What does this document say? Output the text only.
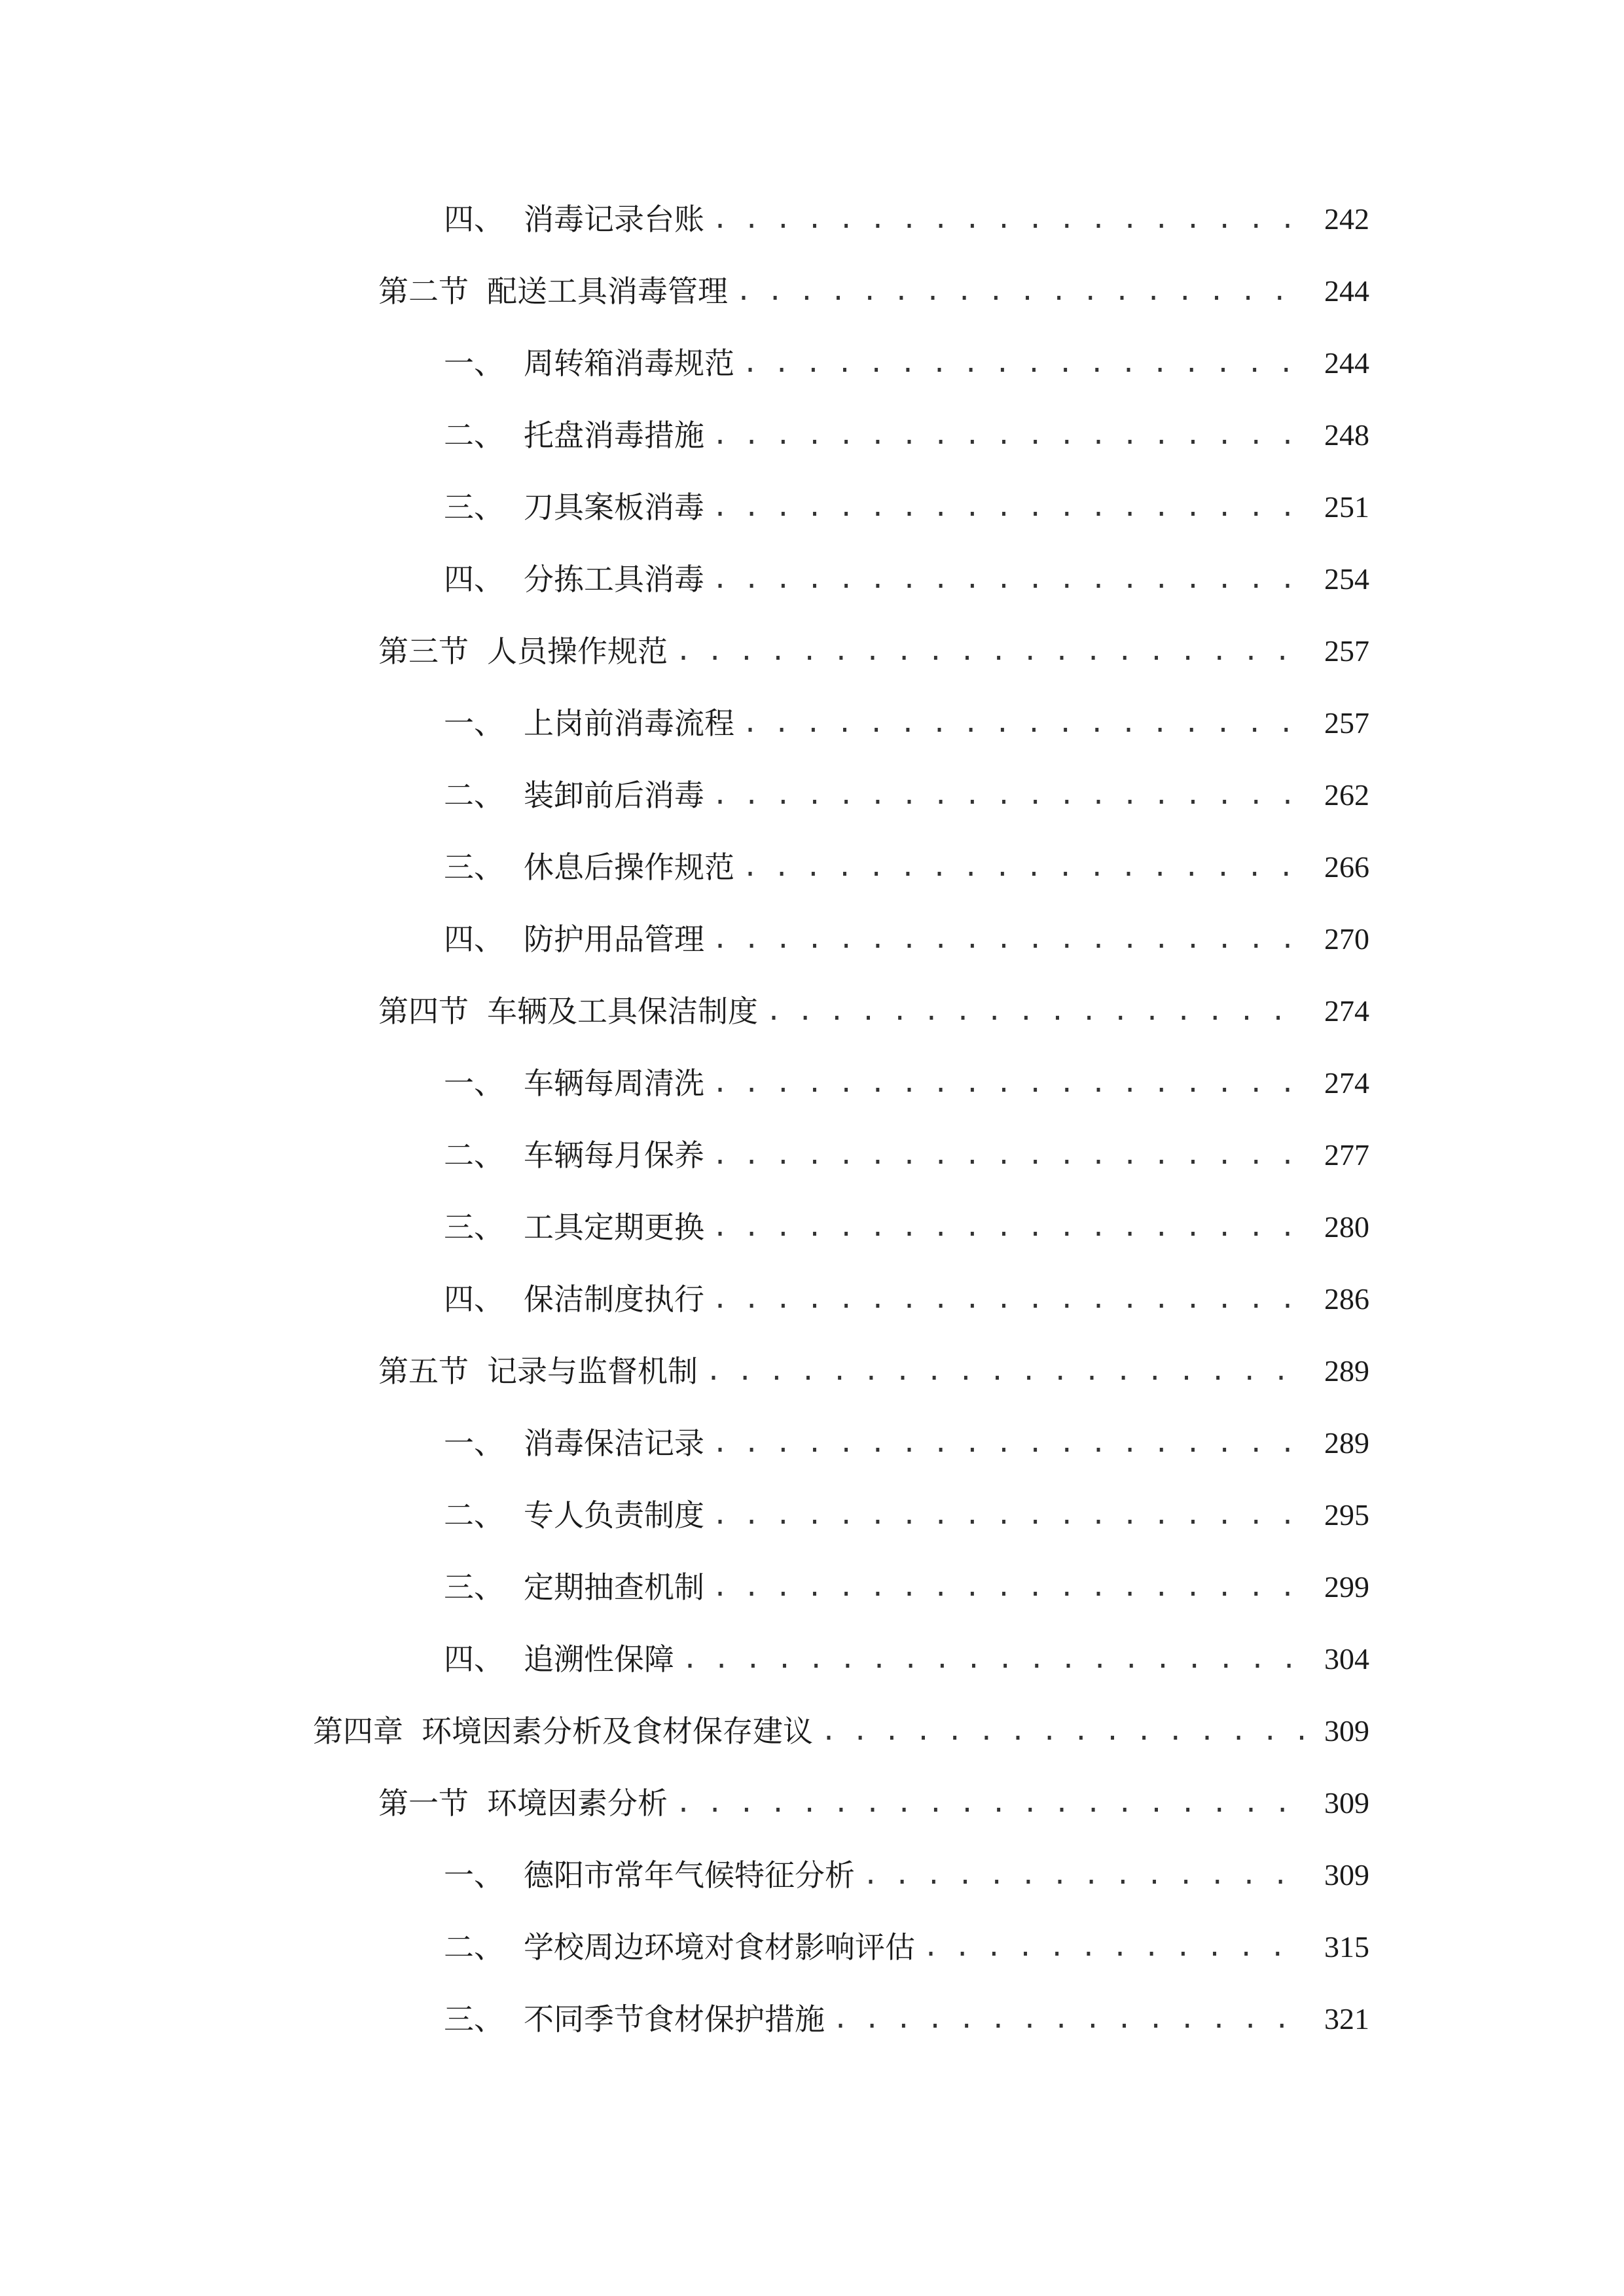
四、 消毒记录台账 . . .	242
第二节 配送工具消毒管理 . . .	244
一、 周转箱消毒规范 . . .	244
二、 托盘消毒措施 . . .	248
三、 刀具案板消毒 . . .	251
四、 分拣工具消毒 . . .	254
第三节 人员操作规范 . . .	257
一、 上岗前消毒流程 . . .	257
二、 装卸前后消毒 . . .	262
三、 休息后操作规范 . . .	266
四、 防护用品管理 . . .	270
第四节 车辆及工具保洁制度 . . .	274
一、 车辆每周清洗 . . .	274
二、 车辆每月保养 . . .	277
三、 工具定期更换 . . .	280
四、 保洁制度执行 . . .	286
第五节 记录与监督机制 . . .	289
一、 消毒保洁记录 . . .	289
二、 专人负责制度 . . .	295
三、 定期抽查机制 . . .	299
四、 追溯性保障 . . .	304
第四章 环境因素分析及食材保存建议 . . .	309
第一节 环境因素分析 . . .	309
一、 德阳市常年气候特征分析 . . .	309
二、 学校周边环境对食材影响评估 . . .	315
三、 不同季节食材保护措施 . . .	321
